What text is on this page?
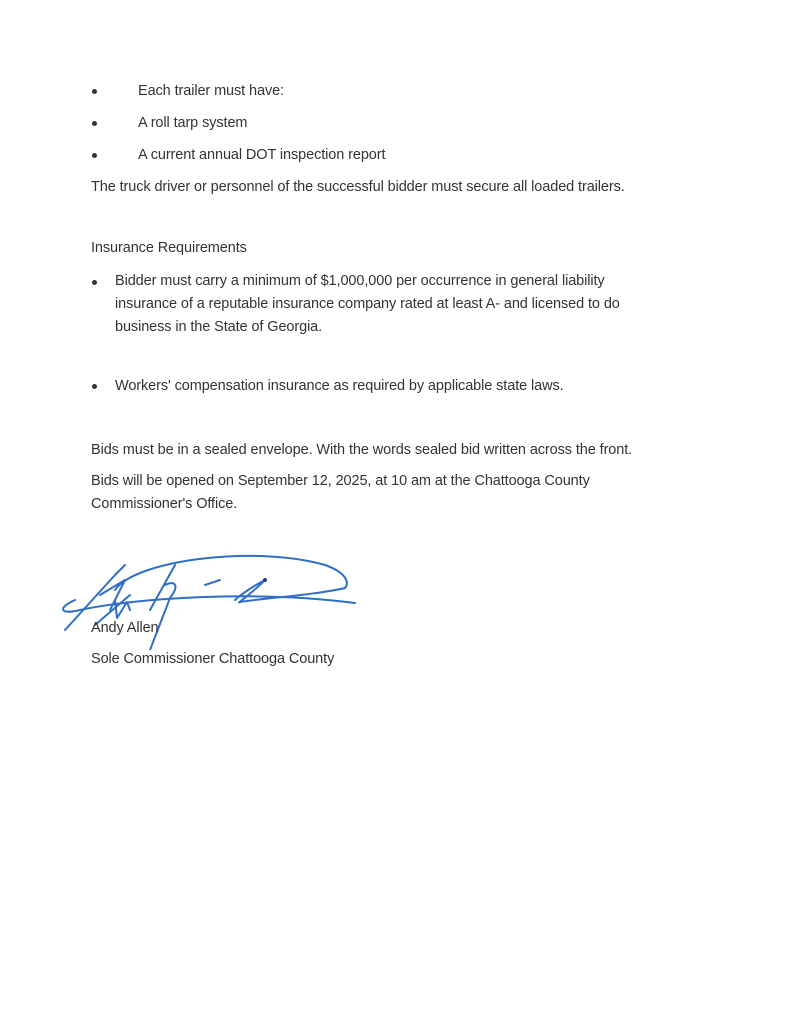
Each trailer must have:
A roll tarp system
A current annual DOT inspection report
The truck driver or personnel of the successful bidder must secure all loaded trailers.
Insurance Requirements
Bidder must carry a minimum of $1,000,000 per occurrence in general liability insurance of a reputable insurance company rated at least A- and licensed to do business in the State of Georgia.
Workers' compensation insurance as required by applicable state laws.
Bids must be in a sealed envelope. With the words sealed bid written across the front.
Bids will be opened on September 12, 2025, at 10 am at the Chattooga County Commissioner's Office.
Andy Allen
Sole Commissioner Chattooga County
